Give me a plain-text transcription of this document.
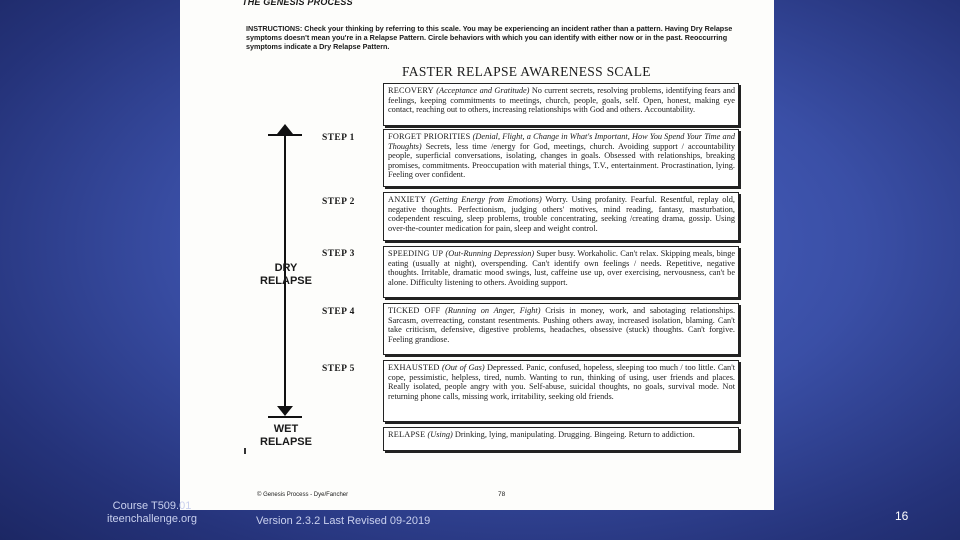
THE GENESIS PROCESS
INSTRUCTIONS: Check your thinking by referring to this scale. You may be experiencing an incident rather than a pattern. Having Dry Relapse symptoms doesn't mean you're in a Relapse Pattern. Circle behaviors with which you can identify with either now or in the past. Reoccurring symptoms indicate a Dry Relapse Pattern.
FASTER RELAPSE AWARENESS SCALE
DRY
RELAPSE
WET
RELAPSE
STEP 1
STEP 2
STEP 3
STEP 4
STEP 5
RECOVERY (Acceptance and Gratitude) No current secrets, resolving problems, identifying fears and feelings, keeping commitments to meetings, church, people, goals, self. Open, honest, making eye contact, reaching out to others, increasing relationships with God and others. Accountability.
FORGET PRIORITIES (Denial, Flight, a Change in What's Important, How You Spend Your Time and Thoughts) Secrets, less time /energy for God, meetings, church. Avoiding support / accountability people, superficial conversations, isolating, changes in goals. Obsessed with relationships, breaking promises, commitments. Preoccupation with material things, T.V., entertainment. Procrastination, lying. Feeling over confident.
ANXIETY (Getting Energy from Emotions) Worry. Using profanity. Fearful. Resentful, replay old, negative thoughts. Perfectionism, judging others' motives, mind reading, fantasy, masturbation, codependent rescuing, sleep problems, trouble concentrating, seeking /creating drama, gossip. Using over-the-counter medication for pain, sleep and weight control.
SPEEDING UP (Out-Running Depression) Super busy. Workaholic. Can't relax. Skipping meals, binge eating (usually at night), overspending. Can't identify own feelings / needs. Repetitive, negative thoughts. Irritable, dramatic mood swings, lust, caffeine use up, over exercising, nervousness, can't be alone. Difficulty listening to others. Avoiding support.
TICKED OFF (Running on Anger, Fight) Crisis in money, work, and sabotaging relationships. Sarcasm, overreacting, constant resentments. Pushing others away, increased isolation, blaming. Can't take criticism, defensive, digestive problems, headaches, obsessive (stuck) thoughts. Can't forgive. Feeling grandiose.
EXHAUSTED (Out of Gas) Depressed. Panic, confused, hopeless, sleeping too much / too little. Can't cope, pessimistic, helpless, tired, numb. Wanting to run, thinking of using, user friends and places. Really isolated, people angry with you. Self-abuse, suicidal thoughts, no goals, survival mode. Not returning phone calls, missing work, irritability, seeking old friends.
RELAPSE (Using) Drinking, lying, manipulating. Drugging. Bingeing. Return to addiction.
© Genesis Process - Dye/Fancher	78
Course T509.01
iteenchallenge.org	Version 2.3.2 Last Revised 09-2019	16
